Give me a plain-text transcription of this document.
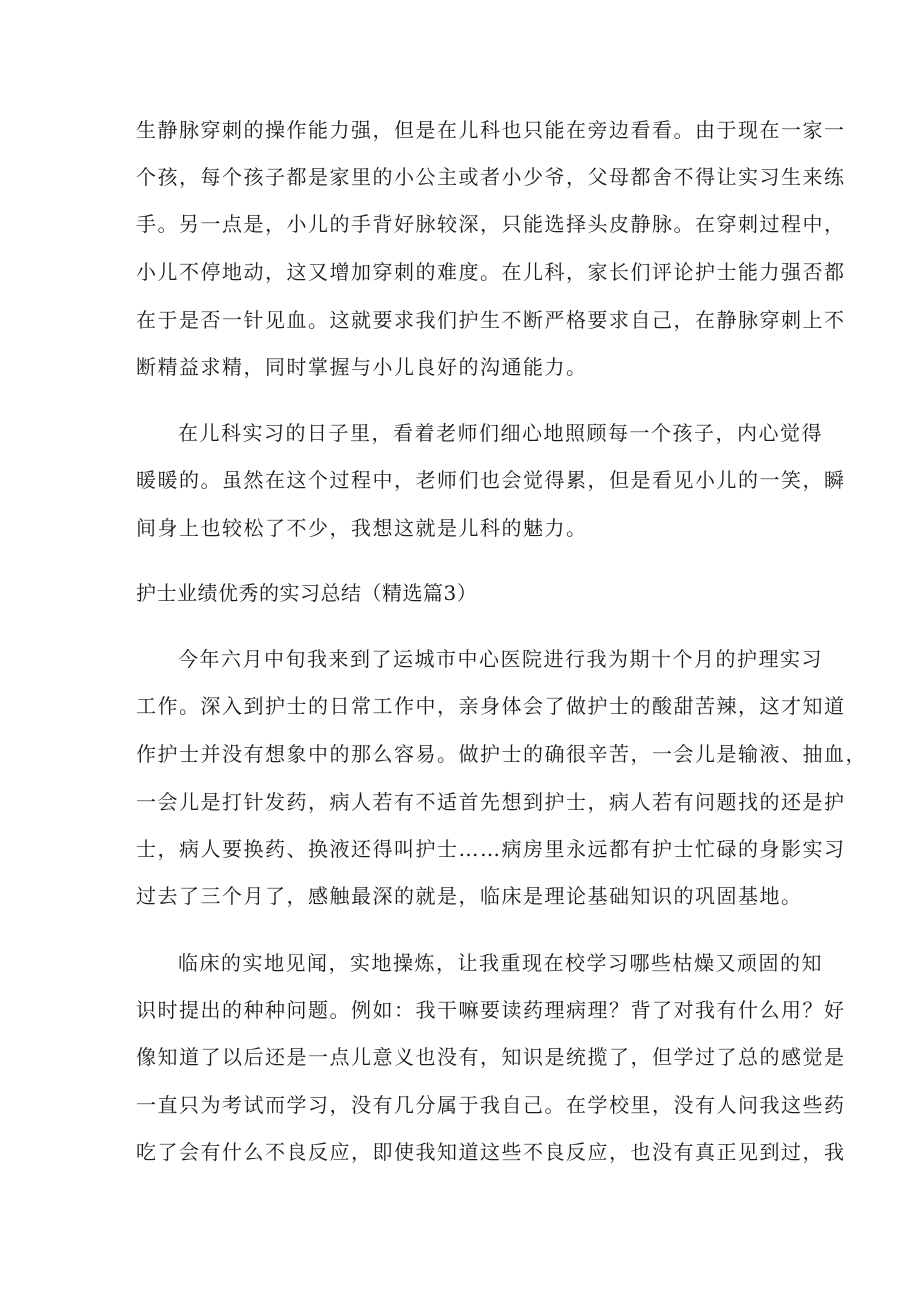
生静脉穿刺的操作能力强，但是在儿科也只能在旁边看看。由于现在一家一
个孩，每个孩子都是家里的小公主或者小少爷，父母都舍不得让实习生来练
手。另一点是，小儿的手背好脉较深，只能选择头皮静脉。在穿刺过程中，
小儿不停地动，这又增加穿刺的难度。在儿科，家长们评论护士能力强否都
在于是否一针见血。这就要求我们护生不断严格要求自己，在静脉穿刺上不
断精益求精，同时掌握与小儿良好的沟通能力。
在儿科实习的日子里，看着老师们细心地照顾每一个孩子，内心觉得
暖暖的。虽然在这个过程中，老师们也会觉得累，但是看见小儿的一笑，瞬
间身上也较松了不少，我想这就是儿科的魅力。
护士业绩优秀的实习总结（精选篇3）
今年六月中旬我来到了运城市中心医院进行我为期十个月的护理实习
工作。深入到护士的日常工作中，亲身体会了做护士的酸甜苦辣，这才知道
作护士并没有想象中的那么容易。做护士的确很辛苦，一会儿是输液、抽血，
一会儿是打针发药，病人若有不适首先想到护士，病人若有问题找的还是护
士，病人要换药、换液还得叫护士……病房里永远都有护士忙碌的身影实习
过去了三个月了，感触最深的就是，临床是理论基础知识的巩固基地。
临床的实地见闻，实地操炼，让我重现在校学习哪些枯燥又顽固的知
识时提出的种种问题。例如：我干嘛要读药理病理？背了对我有什么用？好
像知道了以后还是一点儿意义也没有，知识是统揽了，但学过了总的感觉是
一直只为考试而学习，没有几分属于我自己。在学校里，没有人问我这些药
吃了会有什么不良反应，即使我知道这些不良反应，也没有真正见到过，我
